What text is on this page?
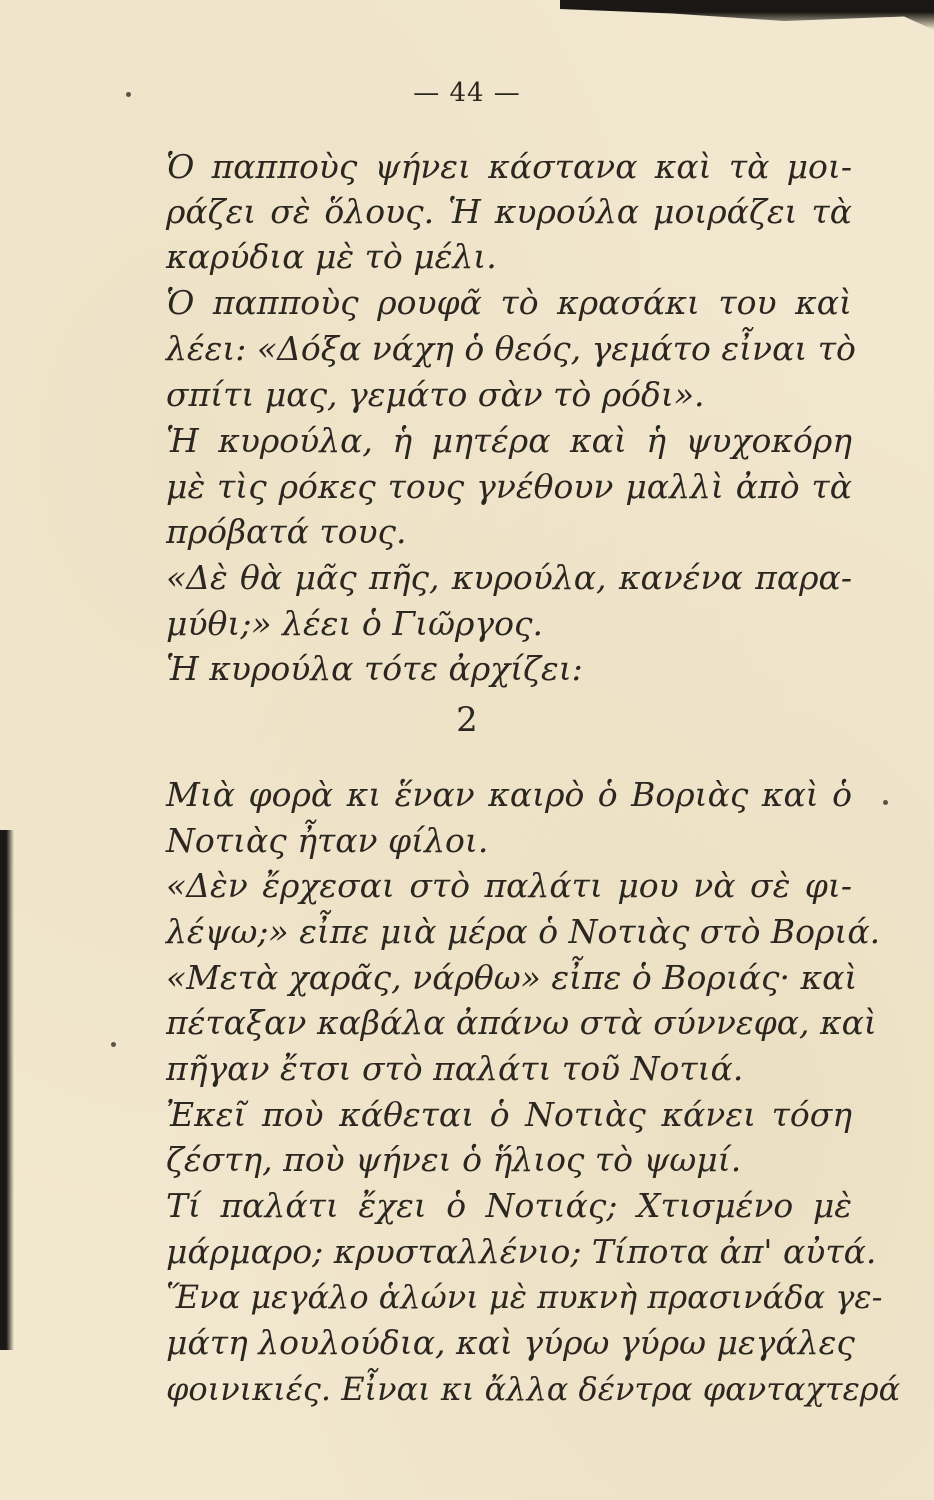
— 44 —
Ὁ παπποὺς ψήνει κάστανα καὶ τὰ μοι-
ράζει σὲ ὅλους. Ἡ κυρούλα μοιράζει τὰ
καρύδια μὲ τὸ μέλι.
Ὁ παπποὺς ρουφᾶ τὸ κρασάκι του καὶ
λέει: «Δόξα νάχη ὁ θεός, γεμάτο εἶναι τὸ
σπίτι μας, γεμάτο σὰν τὸ ρόδι».
Ἡ κυρούλα, ἡ μητέρα καὶ ἡ ψυχοκόρη
μὲ τὶς ρόκες τους γνέθουν μαλλὶ ἀπὸ τὰ
πρόβατά τους.
«Δὲ θὰ μᾶς πῆς, κυρούλα, κανένα παρα-
μύθι;» λέει ὁ Γιῶργος.
Ἡ κυρούλα τότε ἀρχίζει:
2
Μιὰ φορὰ κι ἕναν καιρὸ ὁ Βοριὰς καὶ ὁ
Νοτιὰς ἦταν φίλοι.
«Δὲν ἔρχεσαι στὸ παλάτι μου νὰ σὲ φι-
λέψω;» εἶπε μιὰ μέρα ὁ Νοτιὰς στὸ Βοριά.
«Μετὰ χαρᾶς, νάρθω» εἶπε ὁ Βοριάς· καὶ
πέταξαν καβάλα ἀπάνω στὰ σύννεφα, καὶ
πῆγαν ἔτσι στὸ παλάτι τοῦ Νοτιά.
Ἐκεῖ ποὺ κάθεται ὁ Νοτιὰς κάνει τόση
ζέστη, ποὺ ψήνει ὁ ἥλιος τὸ ψωμί.
Τί παλάτι ἔχει ὁ Νοτιάς; Χτισμένο μὲ
μάρμαρο; κρυσταλλένιο; Τίποτα ἀπ' αὐτά.
Ἕνα μεγάλο ἁλώνι μὲ πυκνὴ πρασινάδα γε-
μάτη λουλούδια, καὶ γύρω γύρω μεγάλες
φοινικιές. Εἶναι κι ἄλλα δέντρα φανταχτερά
